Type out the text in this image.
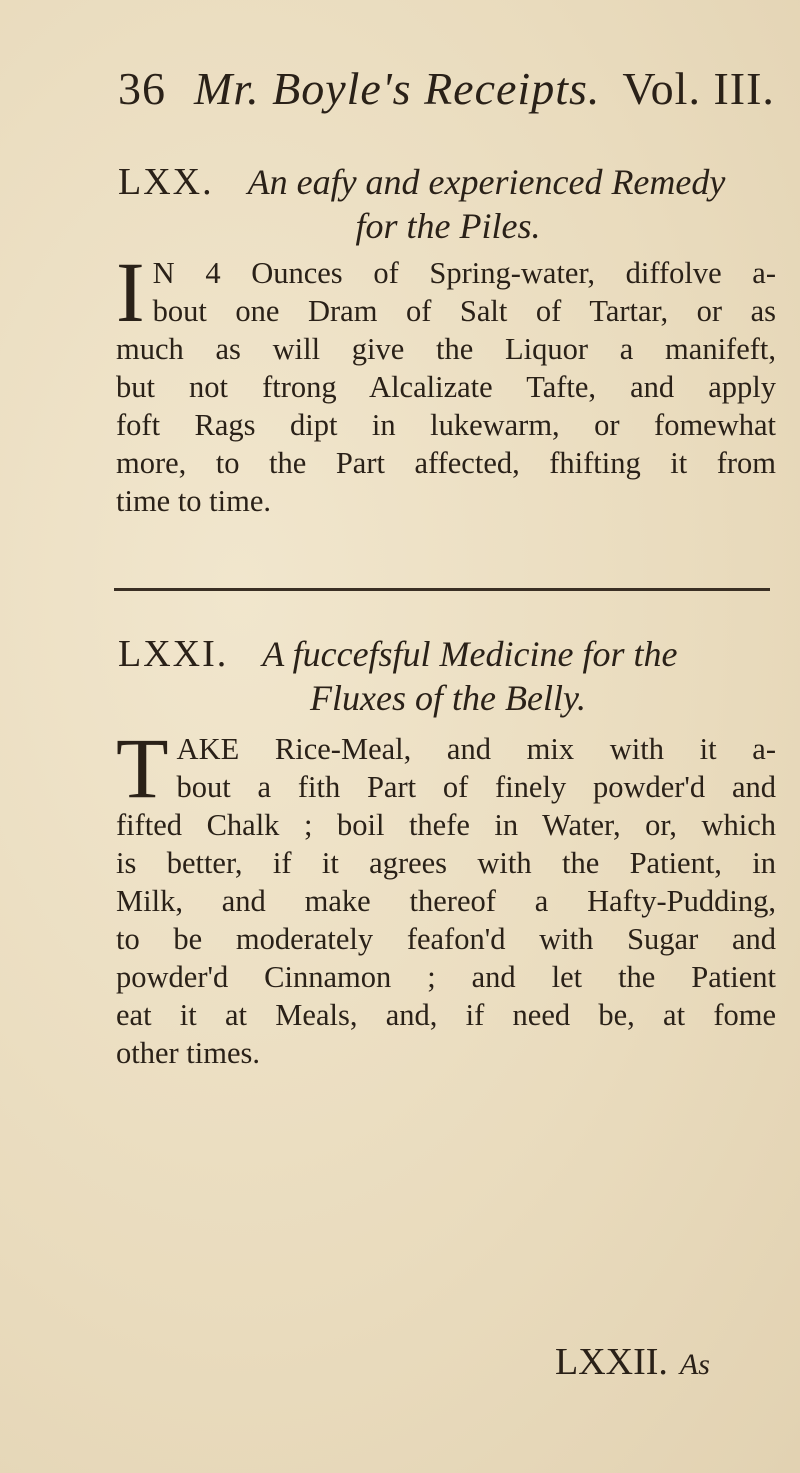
36 Mr. Boyle's Receipts. Vol. III.
LXX. An eafy and experienced Remedy
for the Piles.
I N 4 Ounces of Spring-water, diffolve a-
bout one Dram of Salt of Tartar, or as
much as will give the Liquor a manifeft,
but not ftrong Alcalizate Tafte, and apply
foft Rags dipt in lukewarm, or fomewhat
more, to the Part affected, fhifting it from
time to time.
LXXI. A fuccefsful Medicine for the
Fluxes of the Belly.
T AKE Rice-Meal, and mix with it a-
bout a fith Part of finely powder'd and
fifted Chalk ; boil thefe in Water, or, which
is better, if it agrees with the Patient, in
Milk, and make thereof a Hafty-Pudding,
to be moderately feafon'd with Sugar and
powder'd Cinnamon ; and let the Patient
eat it at Meals, and, if need be, at fome
other times.
LXXII. As
